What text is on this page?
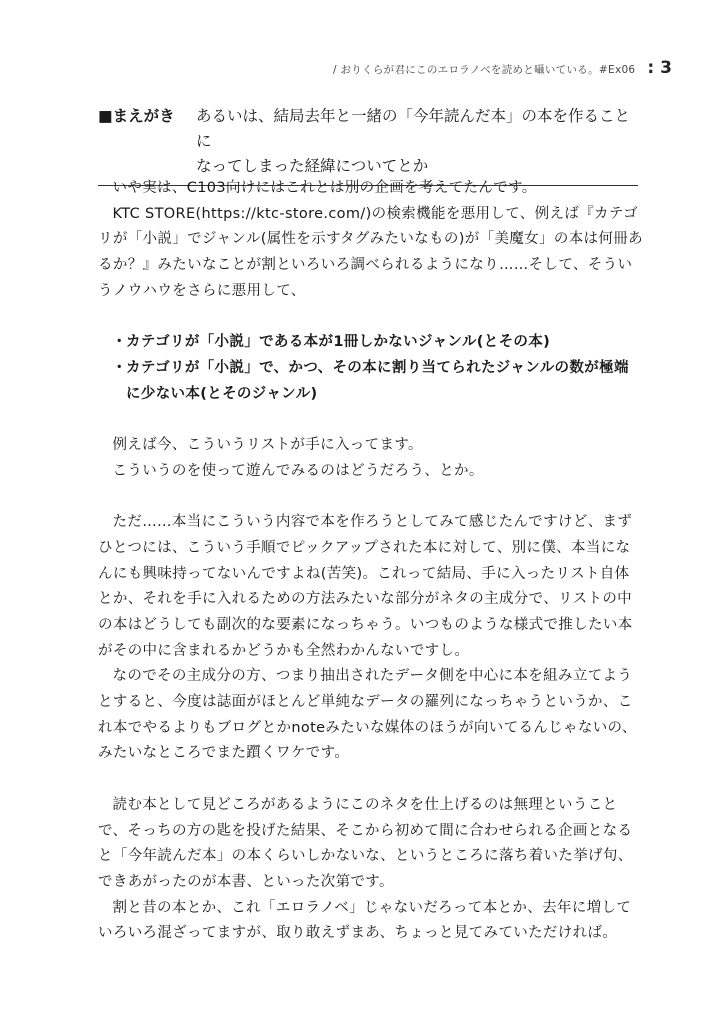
/ おりくらが君にこのエロラノベを読めと囁いている。#Ex06 : 3
■まえがき	あるいは、結局去年と一緒の「今年読んだ本」の本を作ることに
なってしまった経緯についてとか

いや実は、C103向けにはこれとは別の企画を考えてたんです。

KTC STORE(https://ktc-store.com/)の検索機能を悪用して、例えば『カテゴリが「小説」でジャンル(属性を示すタグみたいなもの)が「美魔女」の本は何冊あるか？』みたいなことが割といろいろ調べられるようになり……そして、そういうノウハウをさらに悪用して、

・ カテゴリが「小説」である本が1冊しかないジャンル(とその本)
・ カテゴリが「小説」で、かつ、その本に割り当てられたジャンルの数が極端に少ない本(とそのジャンル)

例えば今、こういうリストが手に入ってます。

こういうのを使って遊んでみるのはどうだろう、とか。

ただ……本当にこういう内容で本を作ろうとしてみて感じたんですけど、まずひとつには、こういう手順でピックアップされた本に対して、別に僕、本当になんにも興味持ってないんですよね(苦笑)。これって結局、手に入ったリスト自体とか、それを手に入れるための方法みたいな部分がネタの主成分で、リストの中の本はどうしても副次的な要素になっちゃう。いつものような様式で推したい本がその中に含まれるかどうかも全然わかんないですし。

なのでその主成分の方、つまり抽出されたデータ側を中心に本を組み立てようとすると、今度は誌面がほとんど単純なデータの羅列になっちゃうというか、これ本でやるよりもブログとかnoteみたいな媒体のほうが向いてるんじゃないの、みたいなところでまた躓くワケです。

読む本として見どころがあるようにこのネタを仕上げるのは無理ということで、そっちの方の匙を投げた結果、そこから初めて間に合わせられる企画となると「今年読んだ本」の本くらいしかないな、というところに落ち着いた挙げ句、できあがったのが本書、といった次第です。

割と昔の本とか、これ「エロラノベ」じゃないだろって本とか、去年に増していろいろ混ざってますが、取り敢えずまあ、ちょっと見てみていただければ。
